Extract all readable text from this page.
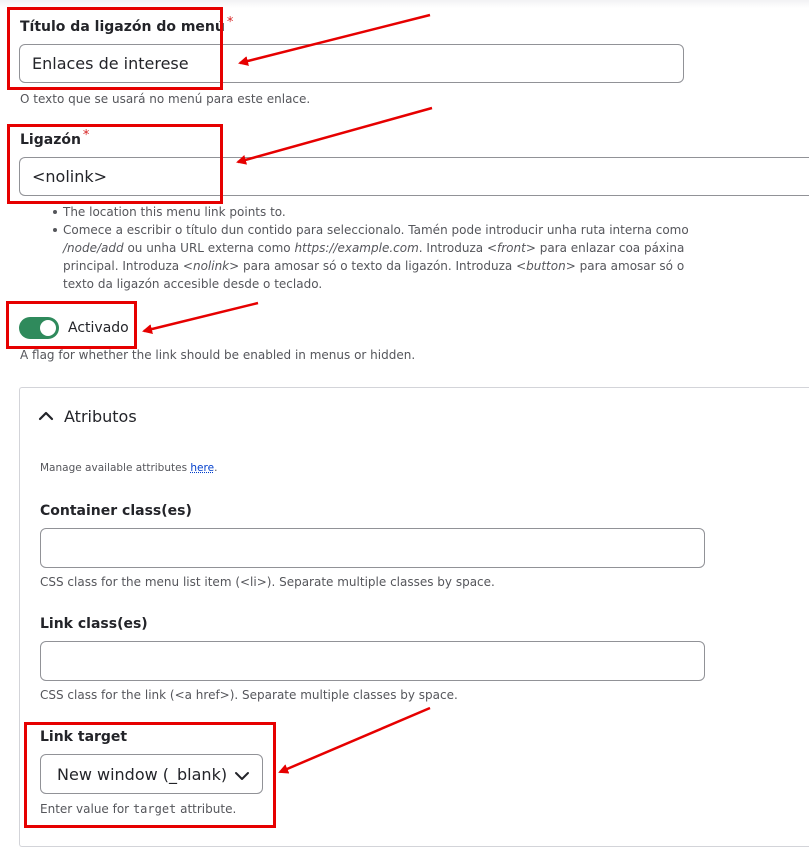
Título da ligazón do menú *
Enlaces de interese
O texto que se usará no menú para este enlace.
Ligazón *
<nolink>
The location this menu link points to.
Comece a escribir o título dun contido para seleccionalo. Tamén pode introducir unha ruta interna como /node/add ou unha URL externa como https://example.com. Introduza <front> para enlazar coa páxina principal. Introduza <nolink> para amosar só o texto da ligazón. Introduza <button> para amosar só o texto da ligazón accesible desde o teclado.
Activado
A flag for whether the link should be enabled in menus or hidden.
Atributos
Manage available attributes here.
Container class(es)
CSS class for the menu list item (<li>). Separate multiple classes by space.
Link class(es)
CSS class for the link (<a href>). Separate multiple classes by space.
Link target
New window (_blank)
Enter value for target attribute.
